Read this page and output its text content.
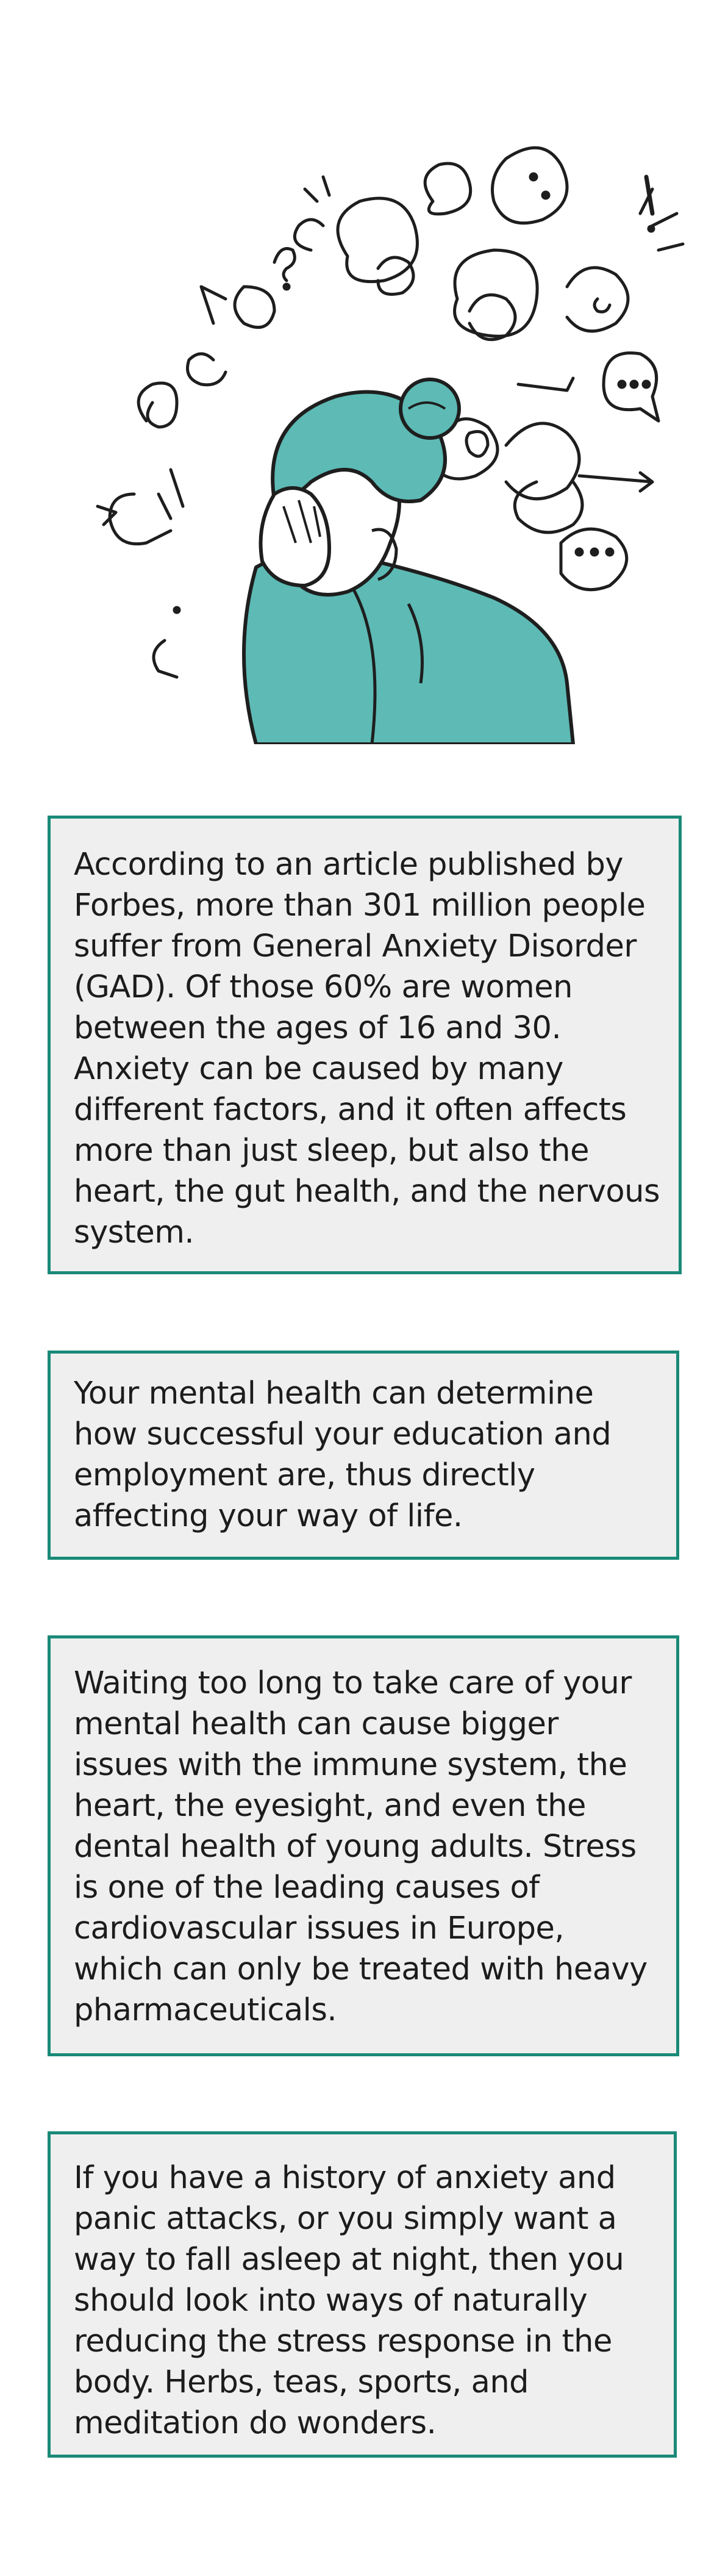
According to an article published by Forbes, more than 301 million people suffer from General Anxiety Disorder (GAD). Of those 60% are women between the ages of 16 and 30. Anxiety can be caused by many different factors, and it often affects more than just sleep, but also the heart, the gut health, and the nervous system.

Your mental health can determine how successful your education and employment are, thus directly affecting your way of life.

Waiting too long to take care of your mental health can cause bigger issues with the immune system, the heart, the eyesight, and even the dental health of young adults. Stress is one of the leading causes of cardiovascular issues in Europe, which can only be treated with heavy pharmaceuticals.

If you have a history of anxiety and panic attacks, or you simply want a way to fall asleep at night, then you should look into ways of naturally reducing the stress response in the body. Herbs, teas, sports, and meditation do wonders.
